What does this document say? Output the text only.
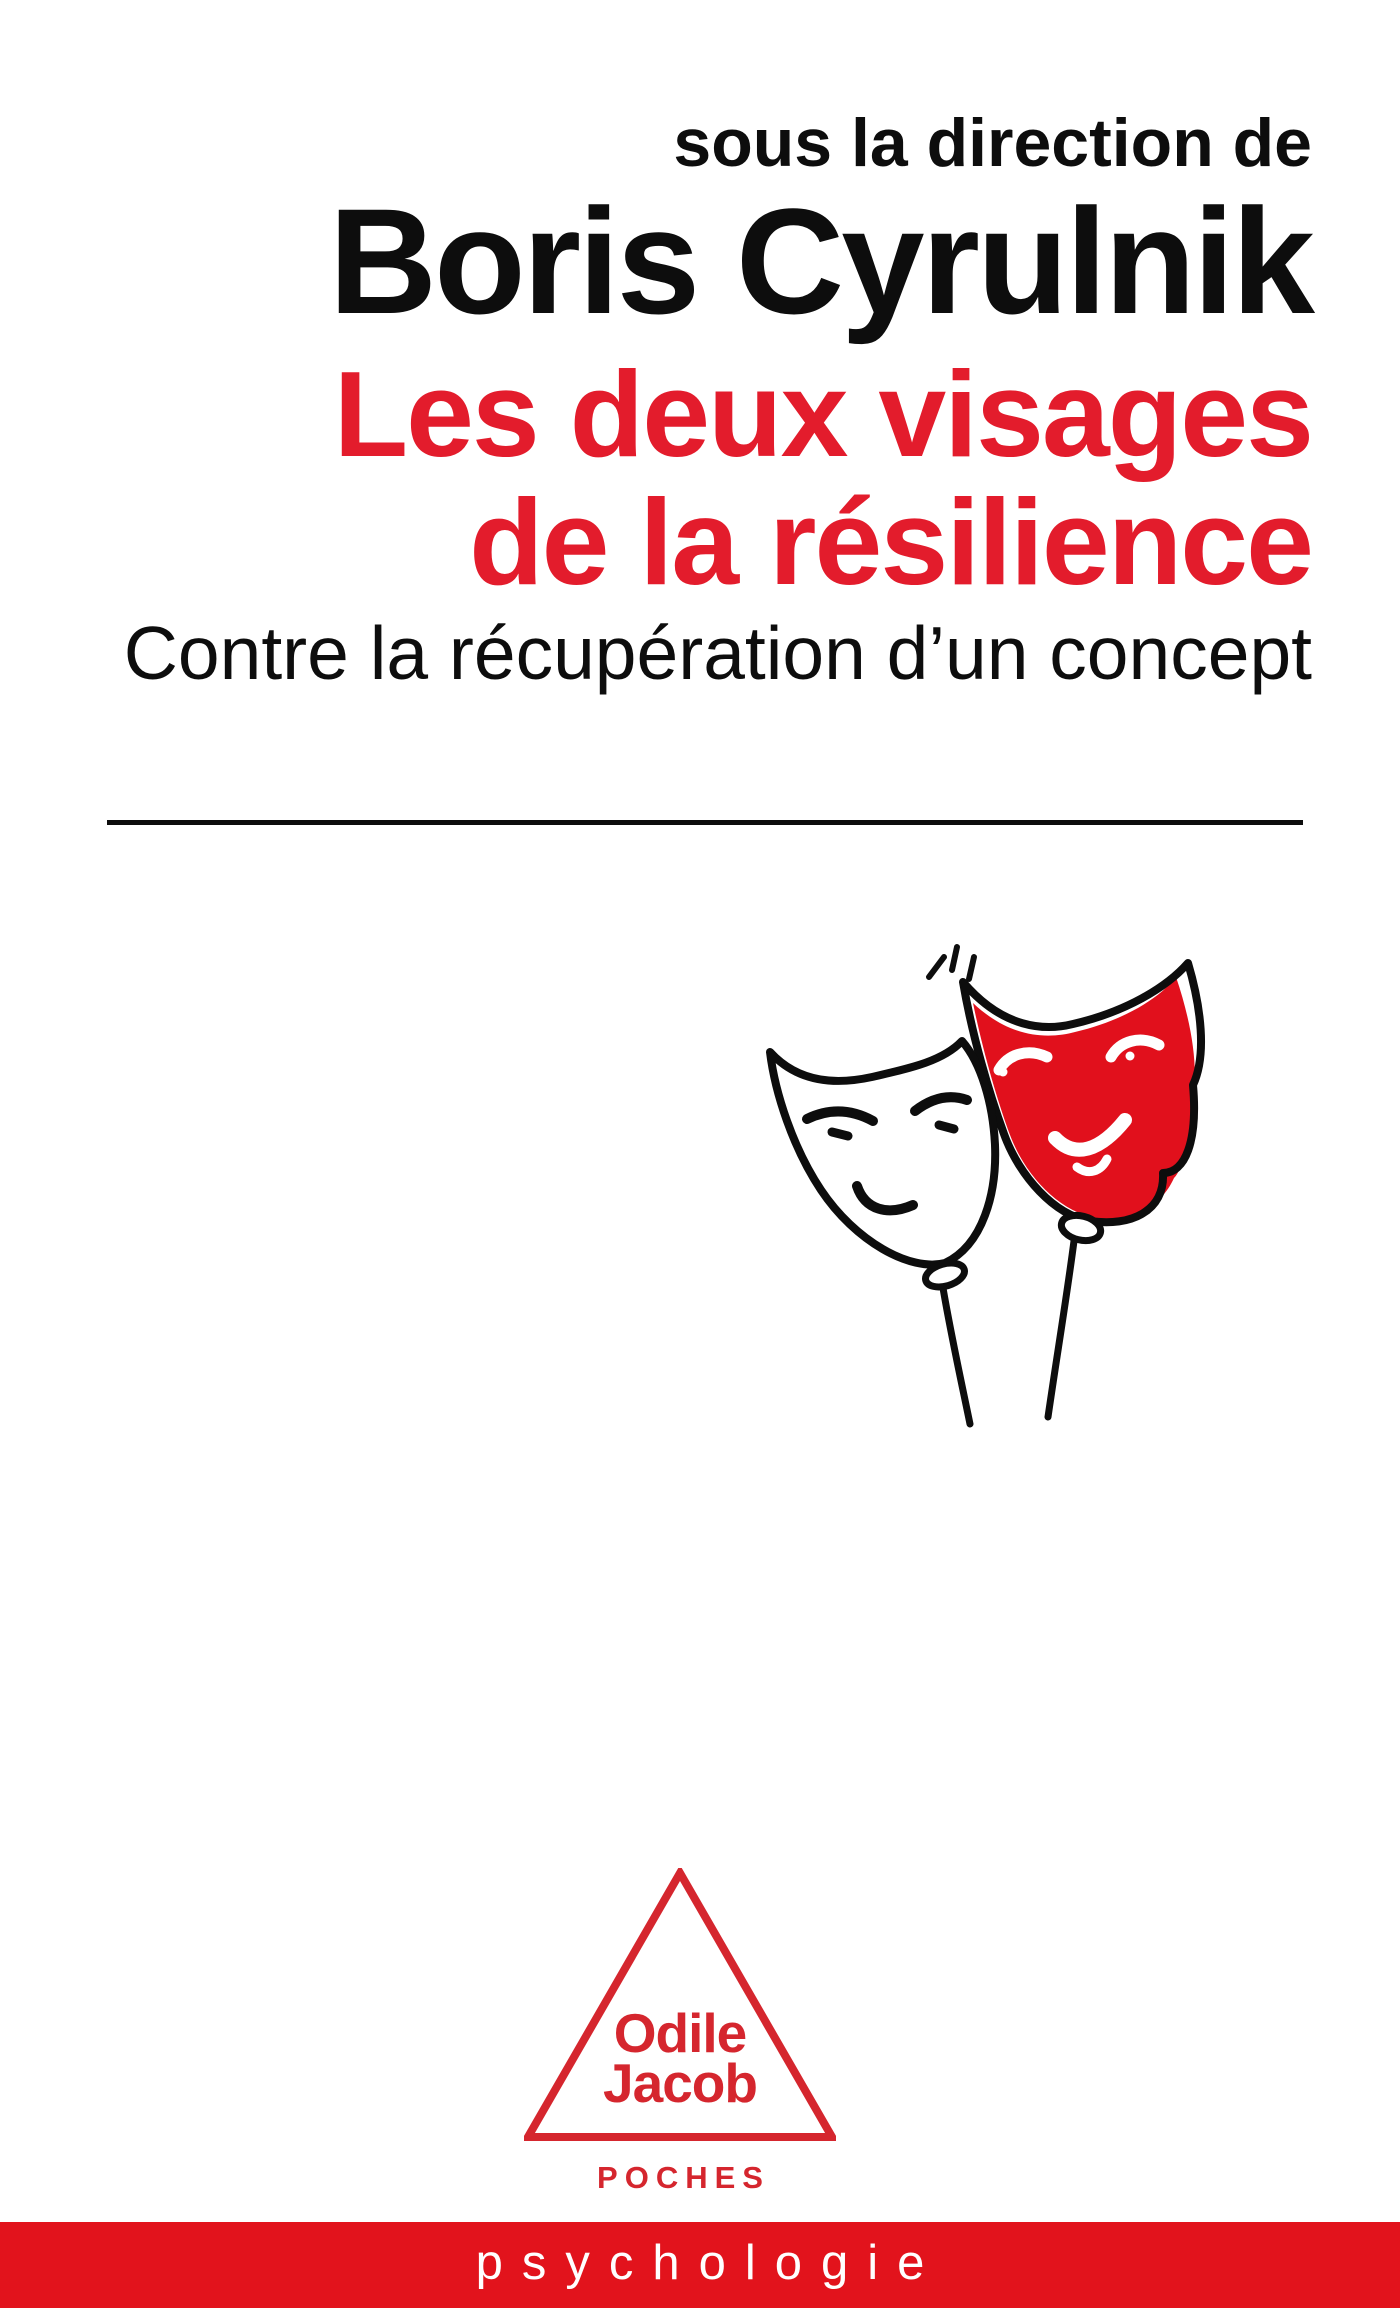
sous la direction de
Boris Cyrulnik
Les deux visages
de la résilience
Contre la récupération d’un concept
Odile
Jacob
POCHES
psychologie
